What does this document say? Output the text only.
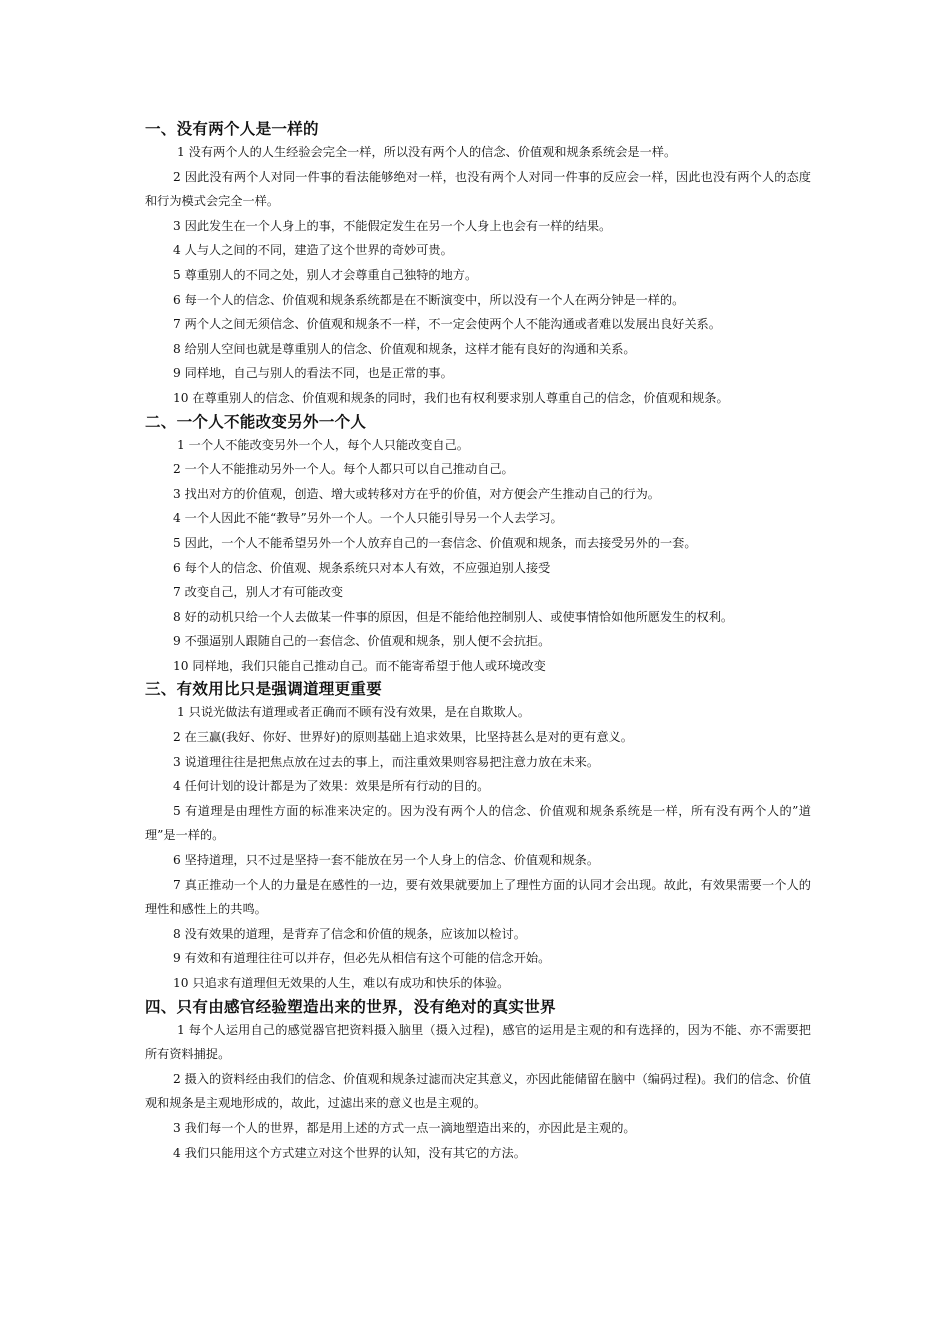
一、没有两个人是一样的

1 没有两个人的人生经验会完全一样，所以没有两个人的信念、价值观和规条系统会是一样。

2 因此没有两个人对同一件事的看法能够绝对一样，也没有两个人对同一件事的反应会一样，因此也没有两个人的态度和行为模式会完全一样。

3 因此发生在一个人身上的事，不能假定发生在另一个人身上也会有一样的结果。

4 人与人之间的不同，建造了这个世界的奇妙可贵。

5 尊重别人的不同之处，别人才会尊重自己独特的地方。

6 每一个人的信念、价值观和规条系统都是在不断演变中，所以没有一个人在两分钟是一样的。

7 两个人之间无须信念、价值观和规条不一样，不一定会使两个人不能沟通或者难以发展出良好关系。

8 给别人空间也就是尊重别人的信念、价值观和规条，这样才能有良好的沟通和关系。

9 同样地，自己与别人的看法不同，也是正常的事。

10 在尊重别人的信念、价值观和规条的同时，我们也有权利要求别人尊重自己的信念，价值观和规条。

二、一个人不能改变另外一个人

1 一个人不能改变另外一个人，每个人只能改变自己。

2 一个人不能推动另外一个人。每个人都只可以自己推动自己。

3 找出对方的价值观，创造、增大或转移对方在乎的价值，对方便会产生推动自己的行为。

4 一个人因此不能“教导”另外一个人。一个人只能引导另一个人去学习。

5 因此，一个人不能希望另外一个人放弃自己的一套信念、价值观和规条，而去接受另外的一套。

6 每个人的信念、价值观、规条系统只对本人有效，不应强迫别人接受

7 改变自己，别人才有可能改变

8 好的动机只给一个人去做某一件事的原因，但是不能给他控制别人、或使事情恰如他所愿发生的权利。

9 不强逼别人跟随自己的一套信念、价值观和规条，别人便不会抗拒。

10 同样地，我们只能自己推动自己。而不能寄希望于他人或环境改变

三、有效用比只是强调道理更重要

1 只说光做法有道理或者正确而不顾有没有效果，是在自欺欺人。

2 在三赢(我好、你好、世界好)的原则基础上追求效果，比坚持甚么是对的更有意义。

3 说道理往往是把焦点放在过去的事上，而注重效果则容易把注意力放在未来。

4 任何计划的设计都是为了效果：效果是所有行动的目的。

5 有道理是由理性方面的标准来决定的。因为没有两个人的信念、价值观和规条系统是一样，所有没有两个人的”道理”是一样的。

6 坚持道理，只不过是坚持一套不能放在另一个人身上的信念、价值观和规条。

7 真正推动一个人的力量是在感性的一边，要有效果就要加上了理性方面的认同才会出现。故此，有效果需要一个人的理性和感性上的共鸣。

8 没有效果的道理，是背弃了信念和价值的规条，应该加以检讨。

9 有效和有道理往往可以并存，但必先从相信有这个可能的信念开始。

10 只追求有道理但无效果的人生，难以有成功和快乐的体验。

四、只有由感官经验塑造出来的世界，没有绝对的真实世界

1 每个人运用自己的感觉器官把资料摄入脑里（摄入过程)，感官的运用是主观的和有选择的，因为不能、亦不需要把所有资料捕捉。

2 摄入的资料经由我们的信念、价值观和规条过滤而决定其意义，亦因此能储留在脑中（编码过程)。我们的信念、价值观和规条是主观地形成的，故此，过滤出来的意义也是主观的。

3 我们每一个人的世界，都是用上述的方式一点一滴地塑造出来的，亦因此是主观的。

4 我们只能用这个方式建立对这个世界的认知，没有其它的方法。
